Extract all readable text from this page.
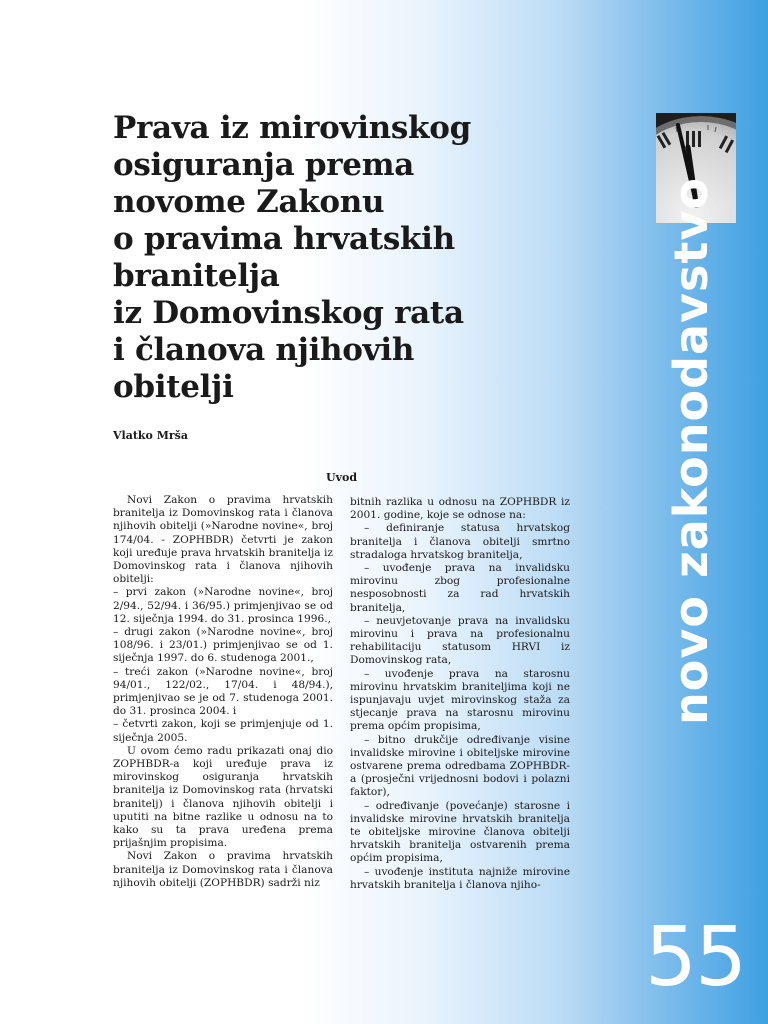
Prava iz mirovinskog
osiguranja prema
novome Zakonu
o pravima hrvatskih
branitelja
iz Domovinskog rata
i članova njihovih
obitelji
Vlatko Mrša
Uvod

Novi Zakon o pravima hrvatskih branitelja iz Domovinskog rata i članova njihovih obitelji (»Narodne novine«, broj 174/04. - ZOPHBDR) četvrti je zakon koji uređuje prava hrvatskih branitelja iz Domovinskog rata i članova njihovih obitelji:

– prvi zakon (»Narodne novine«, broj 2/94., 52/94. i 36/95.) primjenjivao se od 12. siječnja 1994. do 31. prosinca 1996.,

– drugi zakon (»Narodne novine«, broj 108/96. i 23/01.) primjenjivao se od 1. siječnja 1997. do 6. studenoga 2001.,

– treći zakon (»Narodne novine«, broj 94/01., 122/02., 17/04. i 48/94.), primjenjivao se je od 7. studenoga 2001. do 31. prosinca 2004. i

– četvrti zakon, koji se primjenjuje od 1. siječnja 2005.

U ovom ćemo radu prikazati onaj dio ZOPHBDR-a koji uređuje prava iz mirovinskog osiguranja hrvatskih branitelja iz Domovinskog rata (hrvatski branitelj) i članova njihovih obitelji i uputiti na bitne razlike u odnosu na to kako su ta prava uređena prema prijašnjim propisima.

Novi Zakon o pravima hrvatskih branitelja iz Domovinskog rata i članova njihovih obitelji (ZOPHBDR) sadrži niz

bitnih razlika u odnosu na ZOPHBDR iz 2001. godine, koje se odnose na:

– definiranje statusa hrvatskog branitelja i članova obitelji smrtno stradaloga hrvatskog branitelja,

– uvođenje prava na invalidsku mirovinu zbog profesionalne nesposobnosti za rad hrvatskih branitelja,

– neuvjetovanje prava na invalidsku mirovinu i prava na profesionalnu rehabilitaciju statusom HRVI iz Domovinskog rata,

– uvođenje prava na starosnu mirovinu hrvatskim braniteljima koji ne ispunjavaju uvjet mirovinskog staža za stjecanje prava na starosnu mirovinu prema općim propisima,

– bitno drukčije određivanje visine invalidske mirovine i obiteljske mirovine ostvarene prema odredbama ZOPHBDR-a (prosječni vrijednosni bodovi i polazni faktor),

– određivanje (povećanje) starosne i invalidske mirovine hrvatskih branitelja te obiteljske mirovine članova obitelji hrvatskih branitelja ostvarenih prema općim propisima,

– uvođenje instituta najniže mirovine hrvatskih branitelja i članova njiho-

novo zakonodavstvo
55
